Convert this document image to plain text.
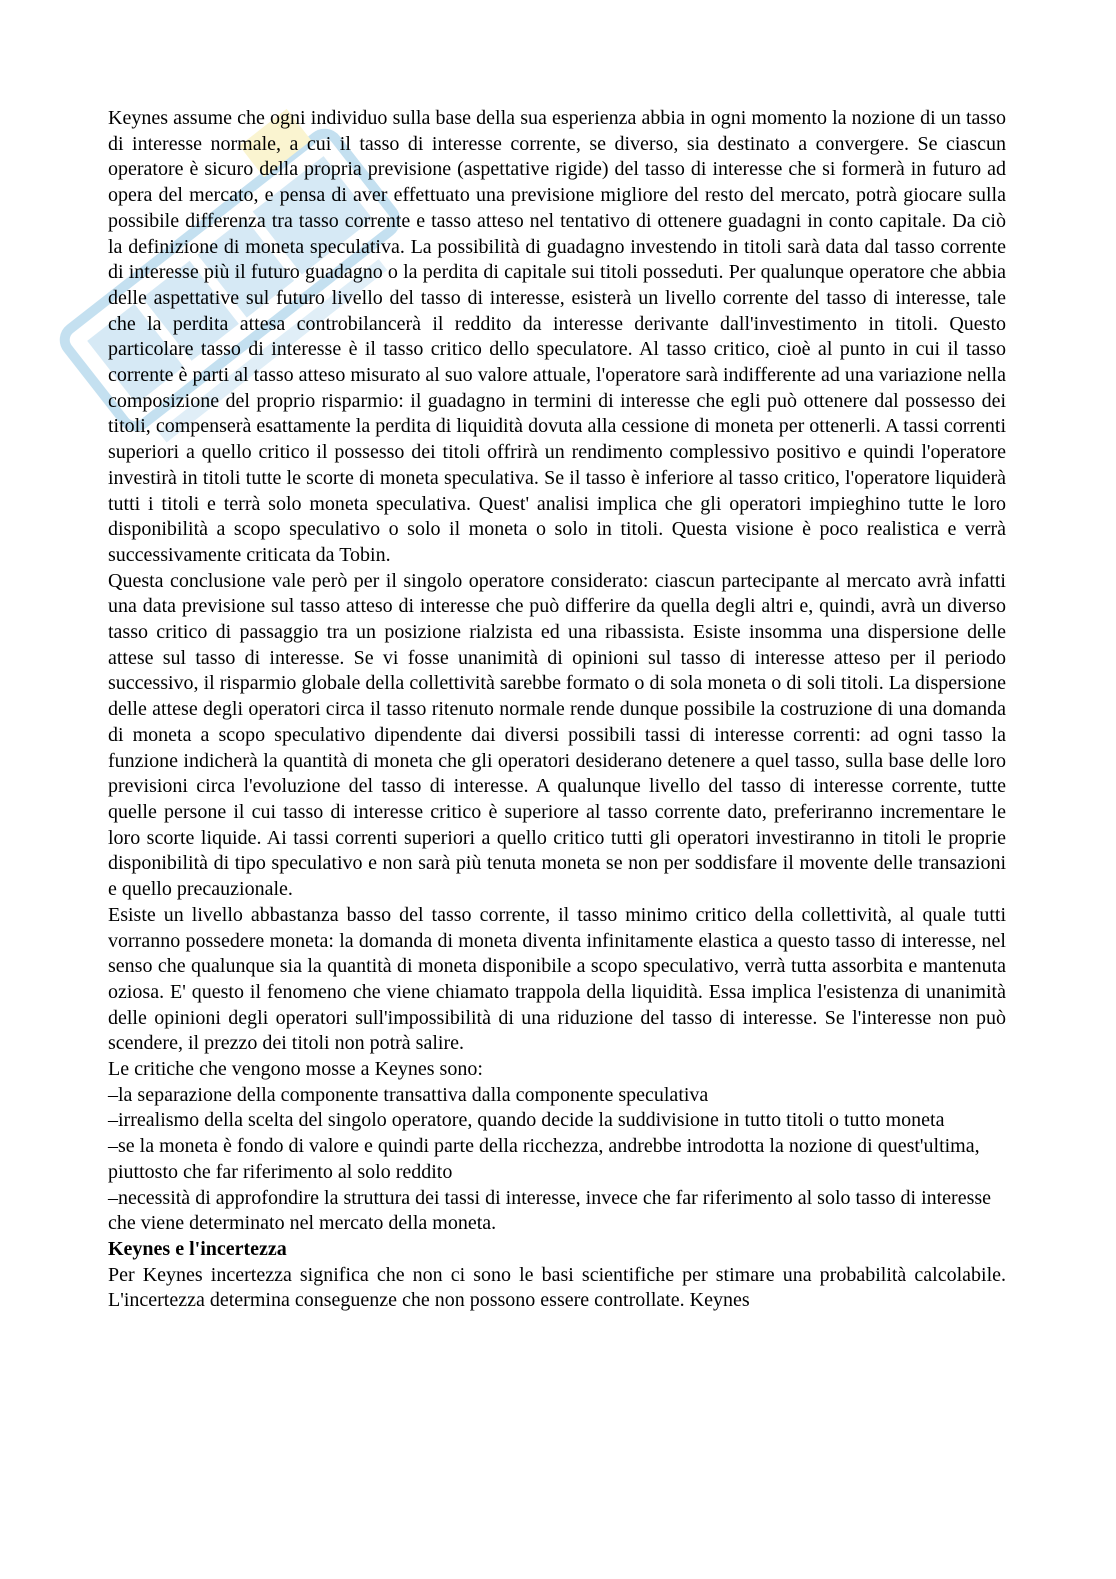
Keynes assume che ogni individuo sulla base della sua esperienza abbia in ogni momento la nozione di un tasso di interesse normale, a cui il tasso di interesse corrente, se diverso, sia destinato a convergere. Se ciascun operatore è sicuro della propria previsione (aspettative rigide) del tasso di interesse che si formerà in futuro ad opera del mercato, e pensa di aver effettuato una previsione migliore del resto del mercato, potrà giocare sulla possibile differenza tra tasso corrente e tasso atteso nel tentativo di ottenere guadagni in conto capitale. Da ciò la definizione di moneta speculativa. La possibilità di guadagno investendo in titoli sarà data dal tasso corrente di interesse più il futuro guadagno o la perdita di capitale sui titoli posseduti. Per qualunque operatore che abbia delle aspettative sul futuro livello del tasso di interesse, esisterà un livello corrente del tasso di interesse, tale che la perdita attesa controbilancerà il reddito da interesse derivante dall'investimento in titoli. Questo particolare tasso di interesse è il tasso critico dello speculatore. Al tasso critico, cioè al punto in cui il tasso corrente è parti al tasso atteso misurato al suo valore attuale, l'operatore sarà indifferente ad una variazione nella composizione del proprio risparmio: il guadagno in termini di interesse che egli può ottenere dal possesso dei titoli, compenserà esattamente la perdita di liquidità dovuta alla cessione di moneta per ottenerli. A tassi correnti superiori a quello critico il possesso dei titoli offrirà un rendimento complessivo positivo e quindi l'operatore investirà in titoli tutte le scorte di moneta speculativa. Se il tasso è inferiore al tasso critico, l'operatore liquiderà tutti i titoli e terrà solo moneta speculativa. Quest' analisi implica che gli operatori impieghino tutte le loro disponibilità a scopo speculativo o solo il moneta o solo in titoli. Questa visione è poco realistica e verrà successivamente criticata da Tobin.

Questa conclusione vale però per il singolo operatore considerato: ciascun partecipante al mercato avrà infatti una data previsione sul tasso atteso di interesse che può differire da quella degli altri e, quindi, avrà un diverso tasso critico di passaggio tra un posizione rialzista ed una ribassista. Esiste insomma una dispersione delle attese sul tasso di interesse. Se vi fosse unanimità di opinioni sul tasso di interesse atteso per il periodo successivo, il risparmio globale della collettività sarebbe formato o di sola moneta o di soli titoli. La dispersione delle attese degli operatori circa il tasso ritenuto normale rende dunque possibile la costruzione di una domanda di moneta a scopo speculativo dipendente dai diversi possibili tassi di interesse correnti: ad ogni tasso la funzione indicherà la quantità di moneta che gli operatori desiderano detenere a quel tasso, sulla base delle loro previsioni circa l'evoluzione del tasso di interesse. A qualunque livello del tasso di interesse corrente, tutte quelle persone il cui tasso di interesse critico è superiore al tasso corrente dato, preferiranno incrementare le loro scorte liquide. Ai tassi correnti superiori a quello critico tutti gli operatori investiranno in titoli le proprie disponibilità di tipo speculativo e non sarà più tenuta moneta se non per soddisfare il movente delle transazioni e quello precauzionale.

Esiste un livello abbastanza basso del tasso corrente, il tasso minimo critico della collettività, al quale tutti vorranno possedere moneta: la domanda di moneta diventa infinitamente elastica a questo tasso di interesse, nel senso che qualunque sia la quantità di moneta disponibile a scopo speculativo, verrà tutta assorbita e mantenuta oziosa. E' questo il fenomeno che viene chiamato trappola della liquidità. Essa implica l'esistenza di unanimità delle opinioni degli operatori sull'impossibilità di una riduzione del tasso di interesse. Se l'interesse non può scendere, il prezzo dei titoli non potrà salire.

Le critiche che vengono mosse a Keynes sono:

–la separazione della componente transattiva dalla componente speculativa

–irrealismo della scelta del singolo operatore, quando decide la suddivisione in tutto titoli o tutto moneta

–se la moneta è fondo di valore e quindi parte della ricchezza, andrebbe introdotta la nozione di quest'ultima, piuttosto che far riferimento al solo reddito

–necessità di approfondire la struttura dei tassi di interesse, invece che far riferimento al solo tasso di interesse che viene determinato nel mercato della moneta.

Keynes e l'incertezza

Per Keynes incertezza significa che non ci sono le basi scientifiche per stimare una probabilità calcolabile. L'incertezza determina conseguenze che non possono essere controllate. Keynes
